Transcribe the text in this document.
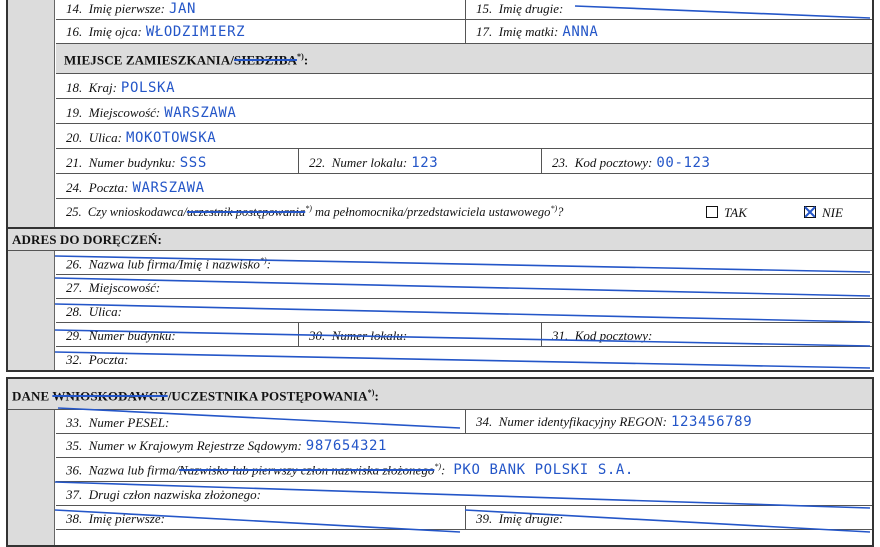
14. Imię pierwsze: JAN	15. Imię drugie:
16. Imię ojca: WŁODZIMIERZ	17. Imię matki: ANNA
MIEJSCE ZAMIESZKANIA/SIEDZIBA*):
18. Kraj: POLSKA
19. Miejscowość: WARSZAWA
20. Ulica: MOKOTOWSKA
21. Numer budynku: SSS	22. Numer lokalu: 123	23. Kod pocztowy: 00-123
24. Poczta: WARSZAWA
25. Czy wnioskodawca/uczestnik postępowania*) ma pełnomocnika/przedstawiciela ustawowego*)?	TAK	NIE
ADRES DO DORĘCZEŃ:
26. Nazwa lub firma/Imię i nazwisko*):
27. Miejscowość:
28. Ulica:
29. Numer budynku:	30. Numer lokalu:	31. Kod pocztowy:
32. Poczta:
DANE WNIOSKODAWCY/UCZESTNIKA POSTĘPOWANIA*):
33. Numer PESEL:	34. Numer identyfikacyjny REGON: 123456789
35. Numer w Krajowym Rejestrze Sądowym: 987654321
36. Nazwa lub firma/Nazwisko lub pierwszy człon nazwiska złożonego*): PKO BANK POLSKI S.A.
37. Drugi człon nazwiska złożonego:
38. Imię pierwsze:	39. Imię drugie:
